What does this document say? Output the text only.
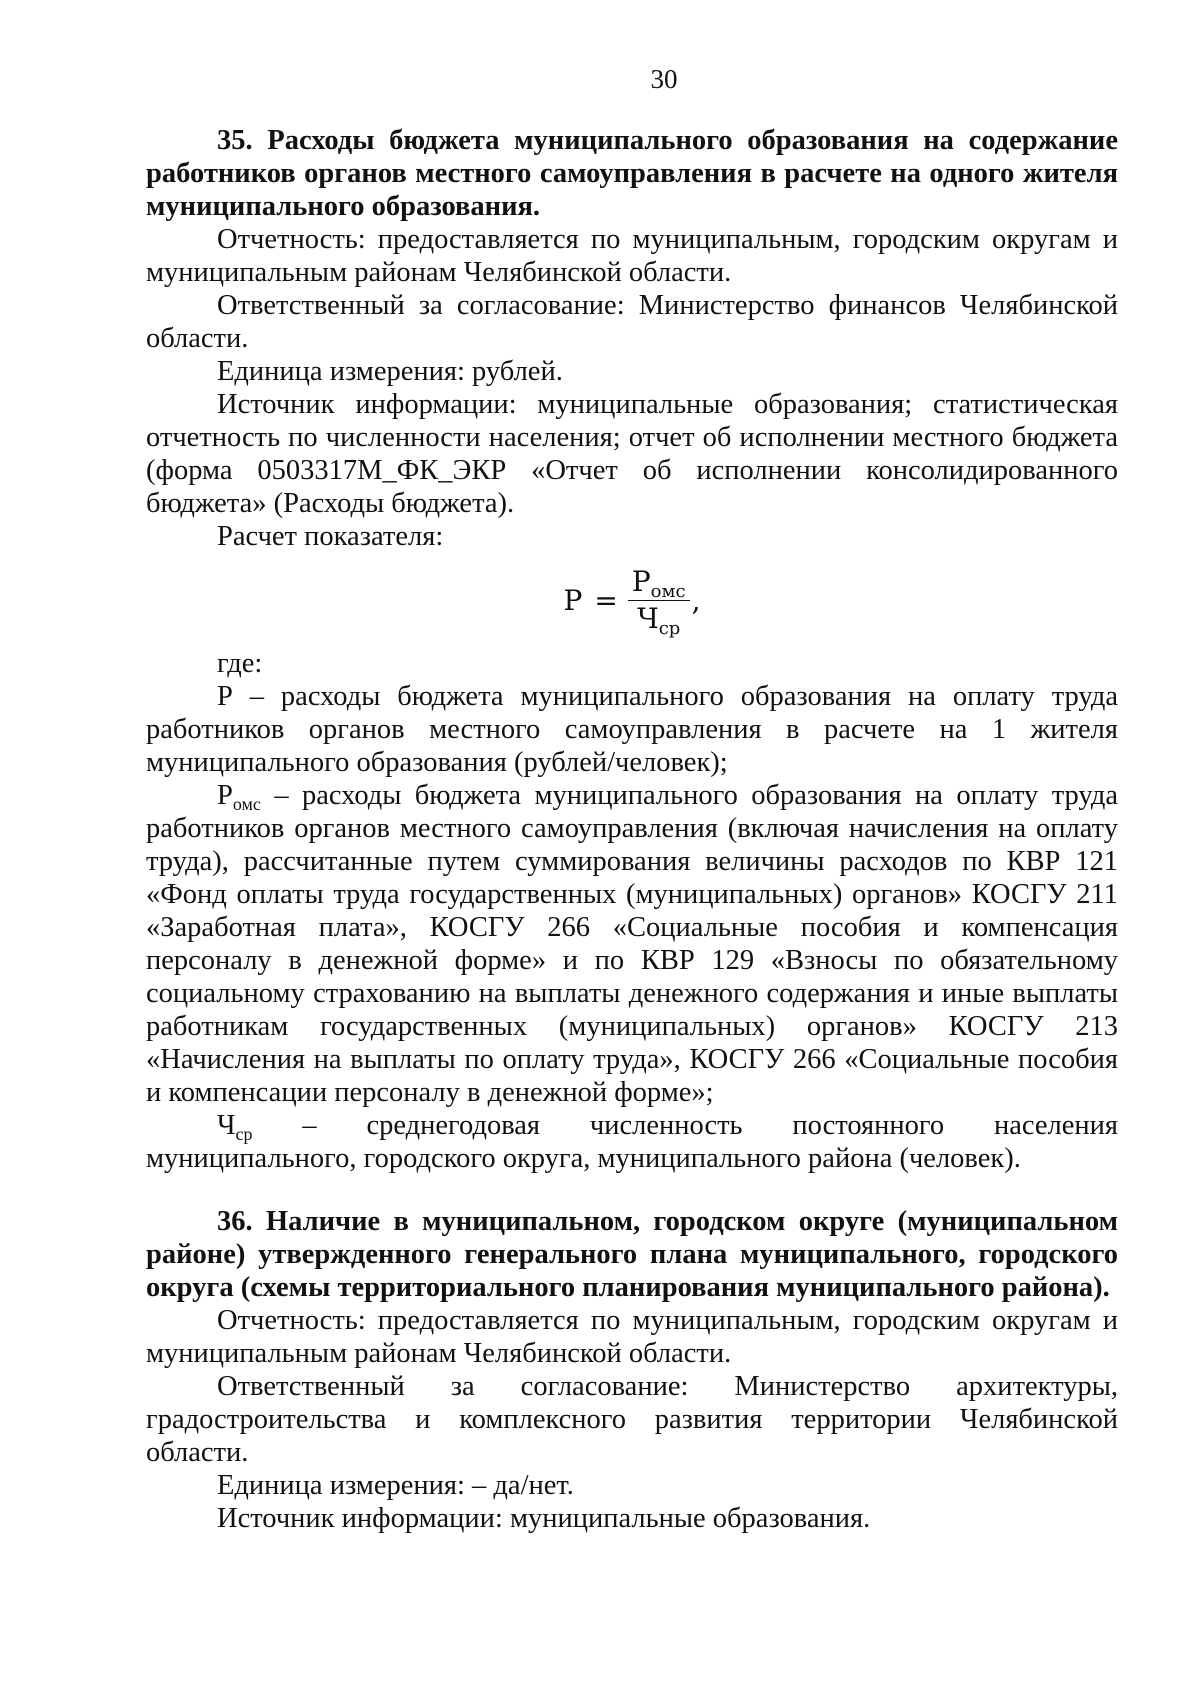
30

35. Расходы бюджета муниципального образования на содержание работников органов местного самоуправления в расчете на одного жителя муниципального образования.

Отчетность: предоставляется по муниципальным, городским округам и муниципальным районам Челябинской области.

Ответственный за согласование: Министерство финансов Челябинской области.

Единица измерения: рублей.

Источник информации: муниципальные образования; статистическая отчетность по численности населения; отчет об исполнении местного бюджета (форма 0503317M_ФК_ЭКР «Отчет об исполнении консолидированного бюджета» (Расходы бюджета).

Расчет показателя:

$Р = \frac{Р_{омс}}{Ч_{ср}}$ ,

где:

Р – расходы бюджета муниципального образования на оплату труда работников органов местного самоуправления в расчете на 1 жителя муниципального образования (рублей/человек);

$Р_{омс}$ – расходы бюджета муниципального образования на оплату труда работников органов местного самоуправления (включая начисления на оплату труда), рассчитанные путем суммирования величины расходов по КВР 121 «Фонд оплаты труда государственных (муниципальных) органов» КОСГУ 211 «Заработная плата», КОСГУ 266 «Социальные пособия и компенсация персоналу в денежной форме» и по КВР 129 «Взносы по обязательному социальному страхованию на выплаты денежного содержания и иные выплаты работникам государственных (муниципальных) органов» КОСГУ 213 «Начисления на выплаты по оплату труда», КОСГУ 266 «Социальные пособия и компенсации персоналу в денежной форме»;

$Ч_{ср}$ – среднегодовая численность постоянного населения муниципального, городского округа, муниципального района (человек).

36. Наличие в муниципальном, городском округе (муниципальном районе) утвержденного генерального плана муниципального, городского округа (схемы территориального планирования муниципального района).

Отчетность: предоставляется по муниципальным, городским округам и муниципальным районам Челябинской области.

Ответственный за согласование: Министерство архитектуры, градостроительства и комплексного развития территории Челябинской области.

Единица измерения: – да/нет.

Источник информации: муниципальные образования.
